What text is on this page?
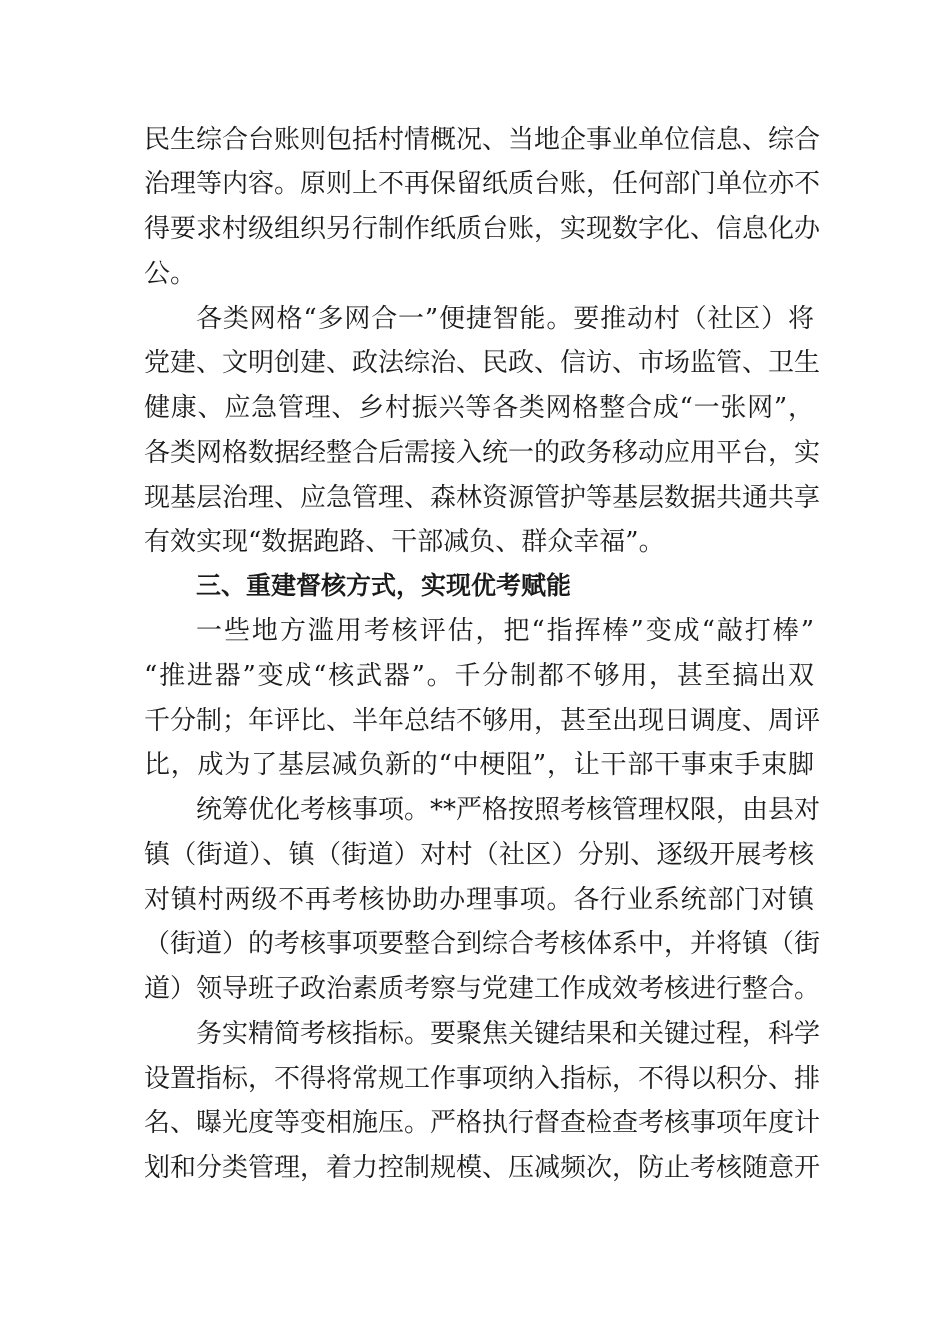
民生综合台账则包括村情概况、当地企事业单位信息、综合
治理等内容。原则上不再保留纸质台账，任何部门单位亦不
得要求村级组织另行制作纸质台账，实现数字化、信息化办
公。
各类网格“多网合一”便捷智能。要推动村（社区）将
党建、文明创建、政法综治、民政、信访、市场监管、卫生
健康、应急管理、乡村振兴等各类网格整合成“一张网”，
各类网格数据经整合后需接入统一的政务移动应用平台，实
现基层治理、应急管理、森林资源管护等基层数据共通共享
有效实现“数据跑路、干部减负、群众幸福”。
三、重建督核方式，实现优考赋能
一些地方滥用考核评估，把“指挥棒”变成“敲打棒”
“推进器”变成“核武器”。千分制都不够用，甚至搞出双
千分制；年评比、半年总结不够用，甚至出现日调度、周评
比，成为了基层减负新的“中梗阻”，让干部干事束手束脚
统筹优化考核事项。**严格按照考核管理权限，由县对
镇（街道）、镇（街道）对村（社区）分别、逐级开展考核
对镇村两级不再考核协助办理事项。各行业系统部门对镇
（街道）的考核事项要整合到综合考核体系中，并将镇（街
道）领导班子政治素质考察与党建工作成效考核进行整合。
务实精简考核指标。要聚焦关键结果和关键过程，科学
设置指标，不得将常规工作事项纳入指标，不得以积分、排
名、曝光度等变相施压。严格执行督查检查考核事项年度计
划和分类管理，着力控制规模、压减频次，防止考核随意开
